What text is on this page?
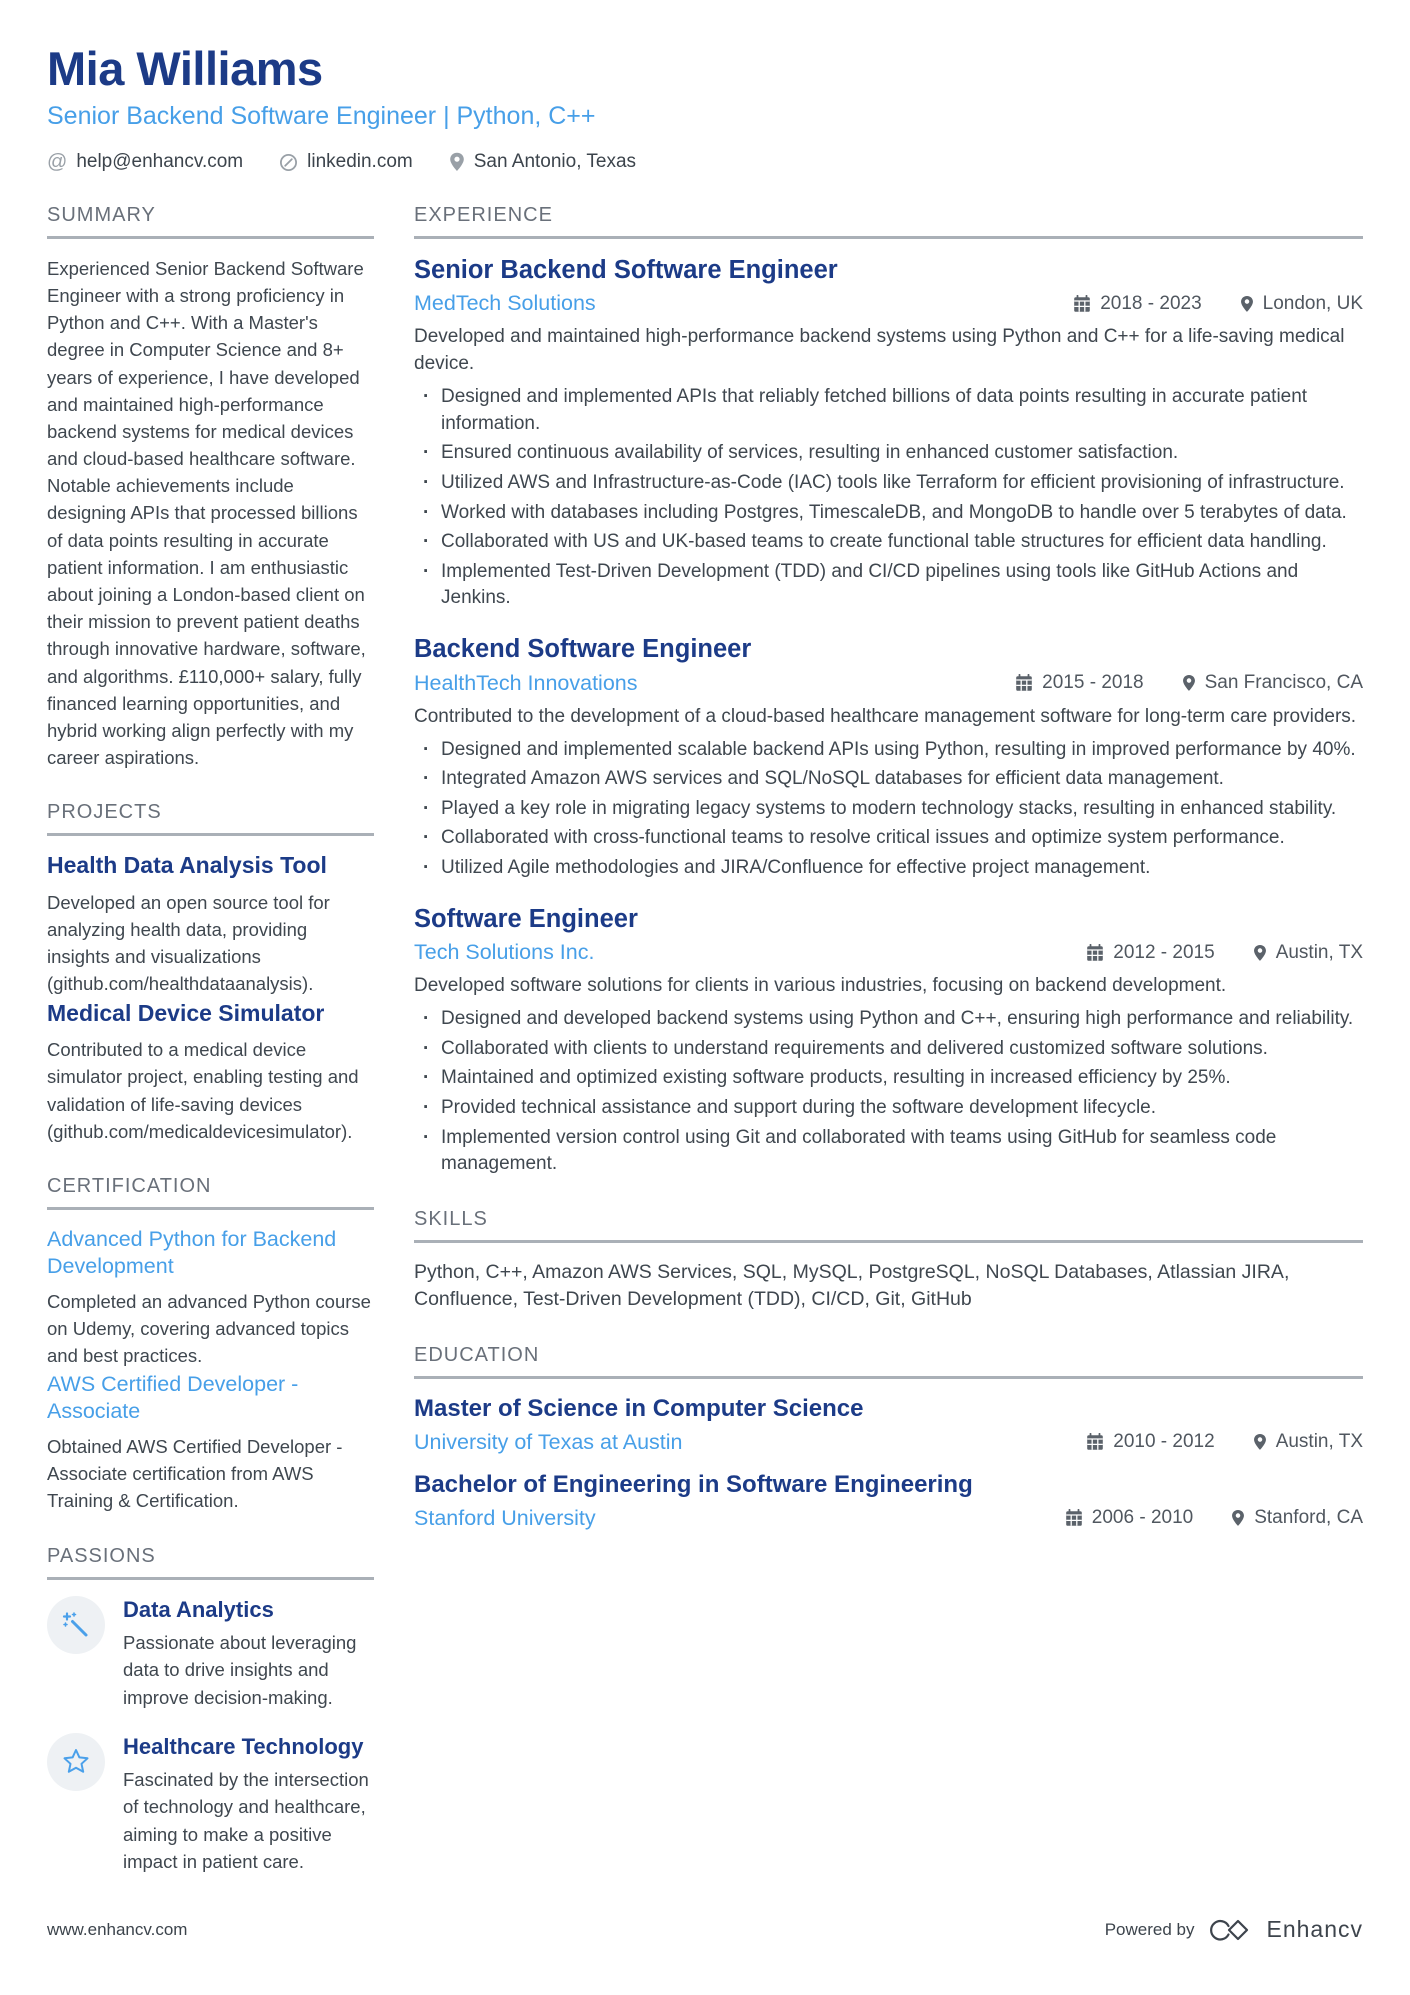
Mia Williams
Senior Backend Software Engineer | Python, C++
@ help@enhancv.com	linkedin.com	San Antonio, Texas
SUMMARY

Experienced Senior Backend Software Engineer with a strong proficiency in Python and C++. With a Master's degree in Computer Science and 8+ years of experience, I have developed and maintained high-performance backend systems for medical devices and cloud-based healthcare software. Notable achievements include designing APIs that processed billions of data points resulting in accurate patient information. I am enthusiastic about joining a London-based client on their mission to prevent patient deaths through innovative hardware, software, and algorithms. £110,000+ salary, fully financed learning opportunities, and hybrid working align perfectly with my career aspirations.

PROJECTS
Health Data Analysis Tool

Developed an open source tool for analyzing health data, providing insights and visualizations (github.com/healthdataanalysis).

Medical Device Simulator

Contributed to a medical device simulator project, enabling testing and validation of life-saving devices (github.com/medicaldevicesimulator).

CERTIFICATION
Advanced Python for Backend Development

Completed an advanced Python course on Udemy, covering advanced topics and best practices.

AWS Certified Developer - Associate

Obtained AWS Certified Developer - Associate certification from AWS Training & Certification.

PASSIONS
Data Analytics

Passionate about leveraging data to drive insights and improve decision-making.

Healthcare Technology

Fascinated by the intersection of technology and healthcare, aiming to make a positive impact in patient care.

EXPERIENCE
Senior Backend Software Engineer
MedTech Solutions	2018 - 2023	London, UK

Developed and maintained high-performance backend systems using Python and C++ for a life-saving medical device.

· Designed and implemented APIs that reliably fetched billions of data points resulting in accurate patient information.
· Ensured continuous availability of services, resulting in enhanced customer satisfaction.
· Utilized AWS and Infrastructure-as-Code (IAC) tools like Terraform for efficient provisioning of infrastructure.
· Worked with databases including Postgres, TimescaleDB, and MongoDB to handle over 5 terabytes of data.
· Collaborated with US and UK-based teams to create functional table structures for efficient data handling.
· Implemented Test-Driven Development (TDD) and CI/CD pipelines using tools like GitHub Actions and Jenkins.
Backend Software Engineer
HealthTech Innovations	2015 - 2018	San Francisco, CA

Contributed to the development of a cloud-based healthcare management software for long-term care providers.

· Designed and implemented scalable backend APIs using Python, resulting in improved performance by 40%.
· Integrated Amazon AWS services and SQL/NoSQL databases for efficient data management.
· Played a key role in migrating legacy systems to modern technology stacks, resulting in enhanced stability.
· Collaborated with cross-functional teams to resolve critical issues and optimize system performance.
· Utilized Agile methodologies and JIRA/Confluence for effective project management.
Software Engineer
Tech Solutions Inc.	2012 - 2015	Austin, TX

Developed software solutions for clients in various industries, focusing on backend development.

· Designed and developed backend systems using Python and C++, ensuring high performance and reliability.
· Collaborated with clients to understand requirements and delivered customized software solutions.
· Maintained and optimized existing software products, resulting in increased efficiency by 25%.
· Provided technical assistance and support during the software development lifecycle.
· Implemented version control using Git and collaborated with teams using GitHub for seamless code management.
SKILLS

Python, C++, Amazon AWS Services, SQL, MySQL, PostgreSQL, NoSQL Databases, Atlassian JIRA, Confluence, Test-Driven Development (TDD), CI/CD, Git, GitHub

EDUCATION
Master of Science in Computer Science
University of Texas at Austin	2010 - 2012	Austin, TX
Bachelor of Engineering in Software Engineering
Stanford University	2006 - 2010	Stanford, CA
www.enhancv.com	Powered by	Enhancv
